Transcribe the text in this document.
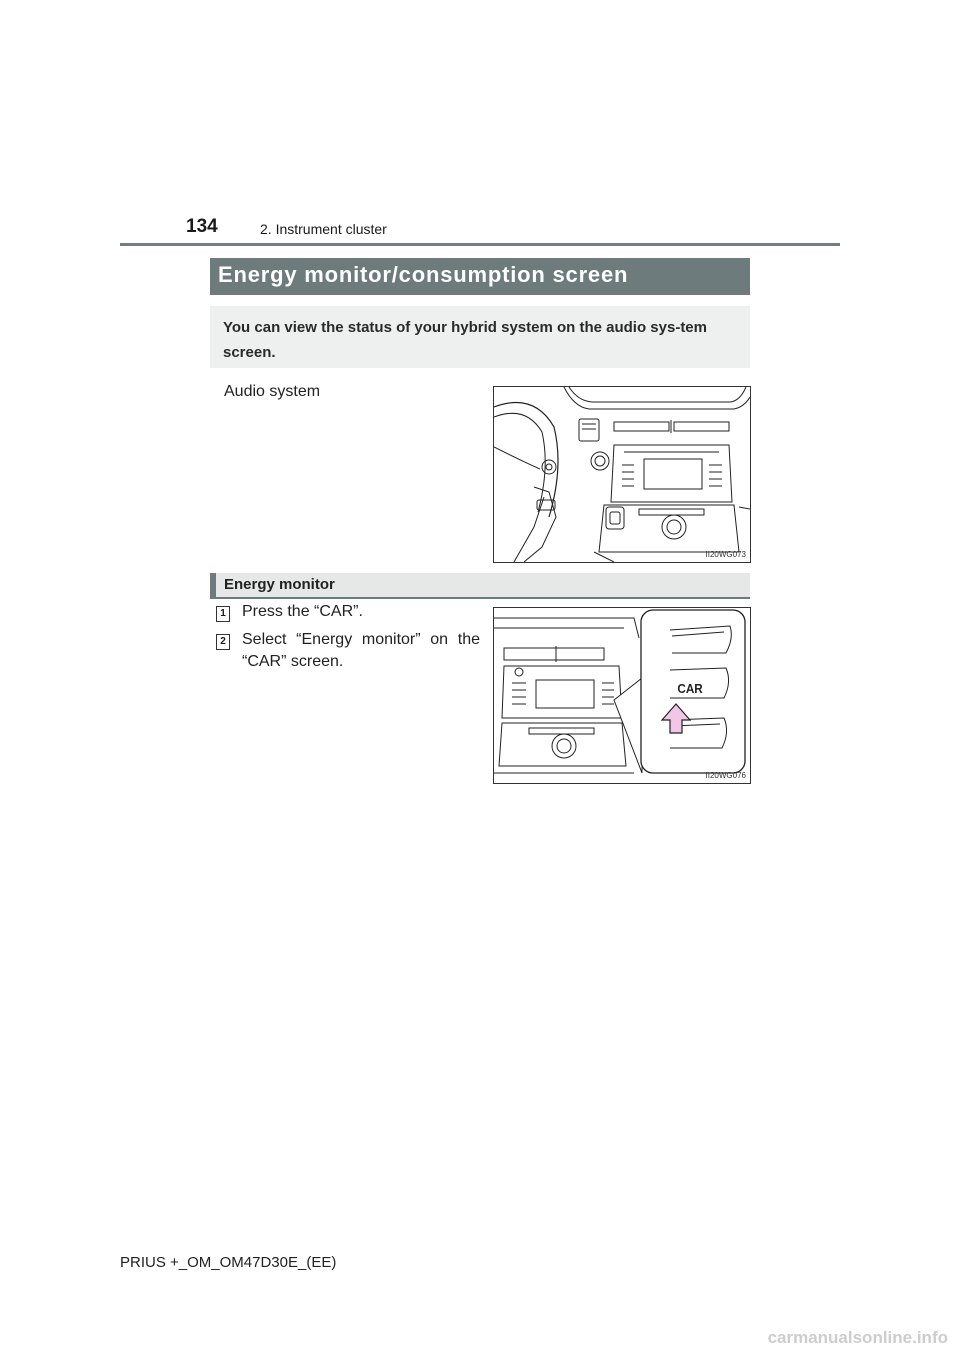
134	2. Instrument cluster
Energy monitor/consumption screen
You can view the status of your hybrid system on the audio sys-tem screen.
Audio system
II20WG073
Energy monitor
1 Press the “CAR”.
2 Select “Energy monitor” on the “CAR” screen.
CAR
II20WG076
PRIUS +_OM_OM47D30E_(EE)
carmanualsonline.info
